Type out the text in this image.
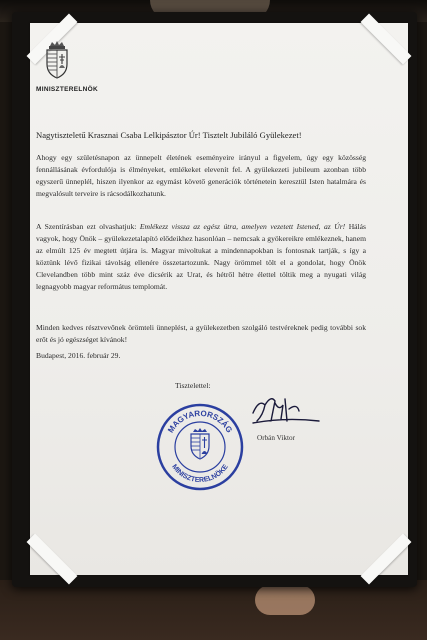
MINISZTERELNÖK
Nagytiszteletű Krasznai Csaba Lelkipásztor Úr! Tisztelt Jubiláló Gyülekezet!

Ahogy egy születésnapon az ünnepelt életének eseményeire irányul a figyelem, úgy egy közösség fennállásának évfordulója is élményeket, emlékeket elevenít fel. A gyülekezeti jubileum azonban több egyszerű ünneplél, hiszen ilyenkor az egymást követő generációk történetein keresztül Isten hatalmára és megvalósult terveire is rácsodálkozhatunk.

A Szentírásban ezt olvashatjuk: Emlékezz vissza az egész útra, amelyen vezetett Istened, az Úr! Hálás vagyok, hogy Önök – gyülekezetalapító elődeikhez hasonlóan – nemcsak a gyökereikre emlékeznek, hanem az elmúlt 125 év megtett útjára is. Magyar mivoltukat a mindennapokban is fontosnak tartják, s így a köztünk lévő fizikai távolság ellenére összetartozunk. Nagy örömmel tölt el a gondolat, hogy Önök Clevelandben több mint száz éve dicsérik az Urat, és hétről hétre élettel töltik meg a nyugati világ legnagyobb magyar református templomát.

Minden kedves résztvevőnek örömteli ünneplést, a gyülekezetben szolgáló testvéreknek pedig további sok erőt és jó egészséget kívánok!

Budapest, 2016. február 29.
Tisztelettel:
MAGYARORSZÁG
MINISZTERELNÖKE
Orbán Viktor
